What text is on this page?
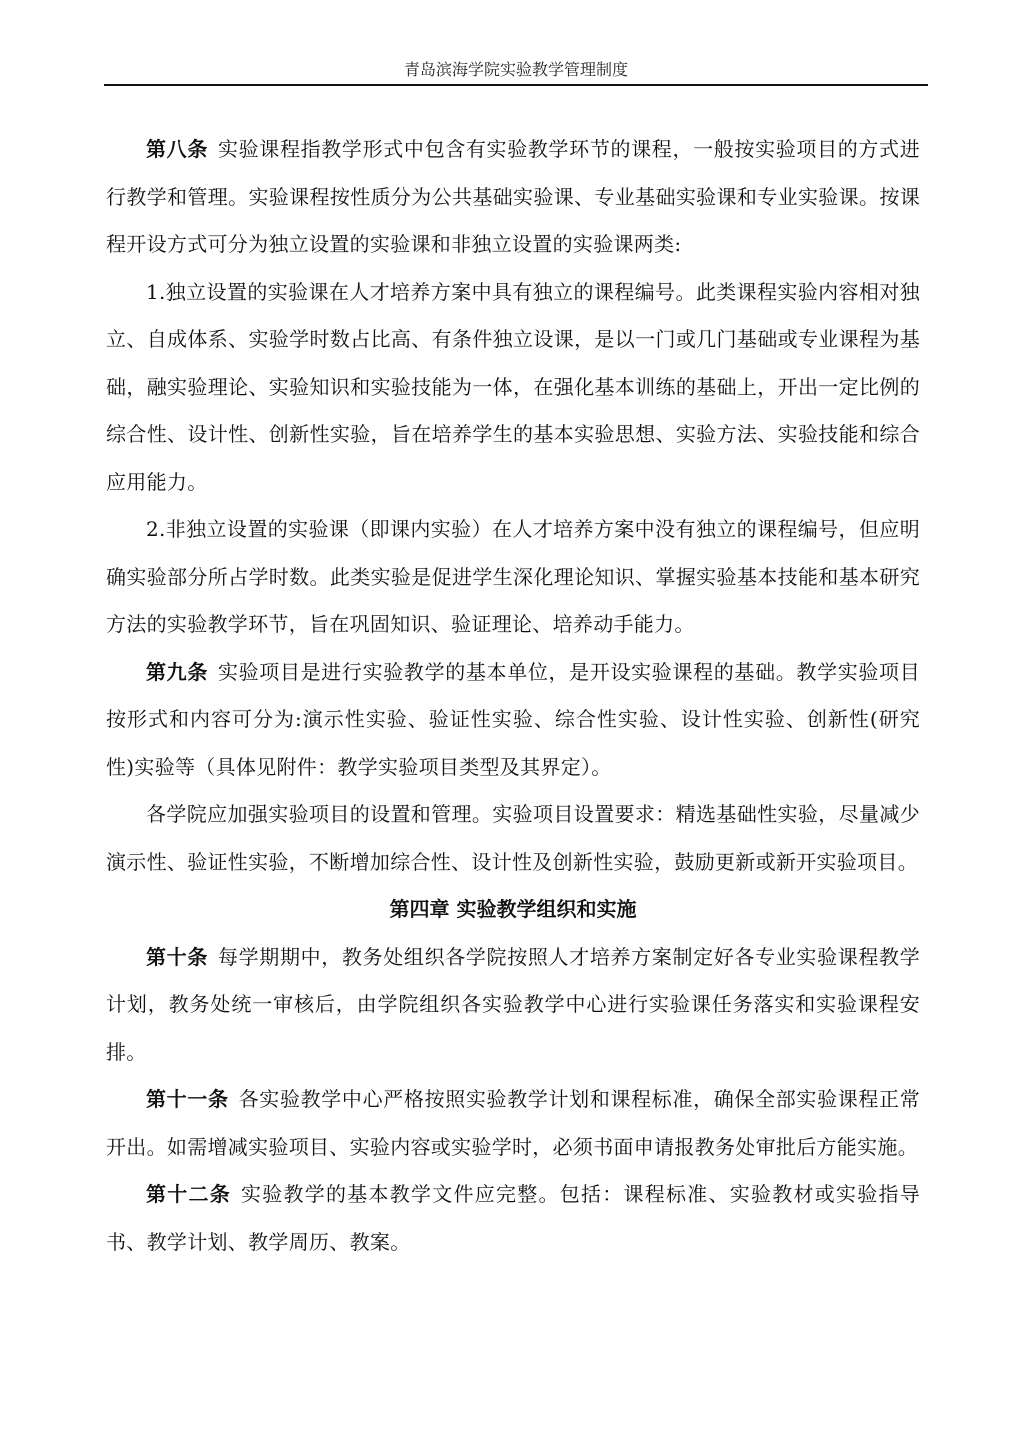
青岛滨海学院实验教学管理制度

第八条 实验课程指教学形式中包含有实验教学环节的课程，一般按实验项目的方式进行教学和管理。实验课程按性质分为公共基础实验课、专业基础实验课和专业实验课。按课程开设方式可分为独立设置的实验课和非独立设置的实验课两类:

1.独立设置的实验课在人才培养方案中具有独立的课程编号。此类课程实验内容相对独立、自成体系、实验学时数占比高、有条件独立设课，是以一门或几门基础或专业课程为基础，融实验理论、实验知识和实验技能为一体，在强化基本训练的基础上，开出一定比例的综合性、设计性、创新性实验，旨在培养学生的基本实验思想、实验方法、实验技能和综合应用能力。

2.非独立设置的实验课（即课内实验）在人才培养方案中没有独立的课程编号，但应明确实验部分所占学时数。此类实验是促进学生深化理论知识、掌握实验基本技能和基本研究方法的实验教学环节，旨在巩固知识、验证理论、培养动手能力。

第九条 实验项目是进行实验教学的基本单位，是开设实验课程的基础。教学实验项目按形式和内容可分为:演示性实验、验证性实验、综合性实验、设计性实验、创新性(研究性)实验等（具体见附件：教学实验项目类型及其界定）。

各学院应加强实验项目的设置和管理。实验项目设置要求：精选基础性实验，尽量减少演示性、验证性实验，不断增加综合性、设计性及创新性实验，鼓励更新或新开实验项目。

第四章 实验教学组织和实施

第十条 每学期期中，教务处组织各学院按照人才培养方案制定好各专业实验课程教学计划，教务处统一审核后，由学院组织各实验教学中心进行实验课任务落实和实验课程安排。

第十一条 各实验教学中心严格按照实验教学计划和课程标准，确保全部实验课程正常开出。如需增减实验项目、实验内容或实验学时，必须书面申请报教务处审批后方能实施。

第十二条 实验教学的基本教学文件应完整。包括：课程标准、实验教材或实验指导书、教学计划、教学周历、教案。
